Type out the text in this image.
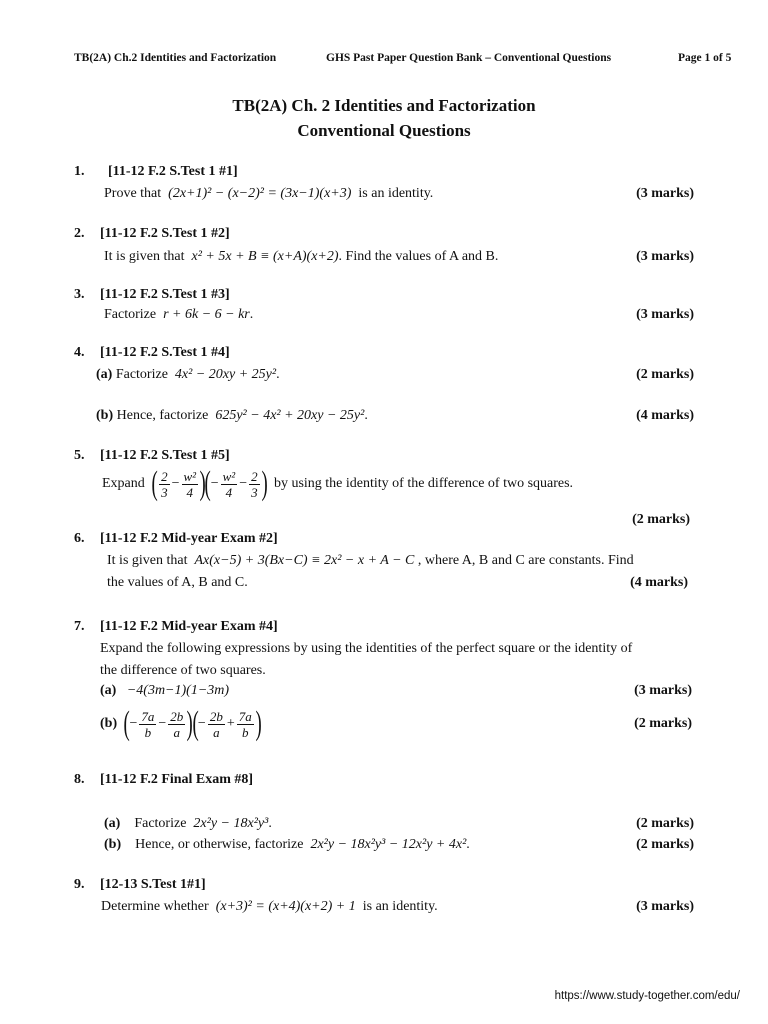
TB(2A) Ch.2 Identities and Factorization	GHS Past Paper Question Bank – Conventional Questions	Page 1 of 5
TB(2A) Ch. 2 Identities and Factorization
Conventional Questions
1. [11-12 F.2 S.Test 1 #1]
Prove that (2x+1)² − (x−2)² = (3x−1)(x+3) is an identity.	(3 marks)
2. [11-12 F.2 S.Test 1 #2]
It is given that x² + 5x + B ≡ (x+A)(x+2). Find the values of A and B.	(3 marks)
3. [11-12 F.2 S.Test 1 #3]
Factorize r + 6k − 6 − kr.	(3 marks)
4. [11-12 F.2 S.Test 1 #4]
(a) Factorize 4x² − 20xy + 25y².	(2 marks)
(b) Hence, factorize 625y² − 4x² + 20xy − 25y².	(4 marks)
5. [11-12 F.2 S.Test 1 #5]
Expand
( $\frac{2}{3} - \frac{\text{w²}}{4}$ ) ( − $\frac{\text{w²}}{4} - \frac{2}{3}$ )
by using the identity of the difference of two squares.
(2 marks)
6. [11-12 F.2 Mid-year Exam #2]
It is given that Ax(x−5) + 3(Bx−C) ≡ 2x² − x + A − C , where A, B and C are constants. Find
the values of A, B and C.	(4 marks)
7. [11-12 F.2 Mid-year Exam #4]
Expand the following expressions by using the identities of the perfect square or the identity of
the difference of two squares.
(a) −4(3m−1)(1−3m)	(3 marks)
(b)
( − $\frac{7a}{b} - \frac{2b}{a}$ ) ( − $\frac{2b}{a} + \frac{7a}{b}$ )	(2 marks)
8. [11-12 F.2 Final Exam #8]
(a) Factorize 2x²y − 18x²y³.	(2 marks)
(b) Hence, or otherwise, factorize 2x²y − 18x²y³ − 12x²y + 4x².	(2 marks)
9. [12-13 S.Test 1#1]
Determine whether (x+3)² = (x+4)(x+2) + 1 is an identity.	(3 marks)
https://www.study-together.com/edu/
